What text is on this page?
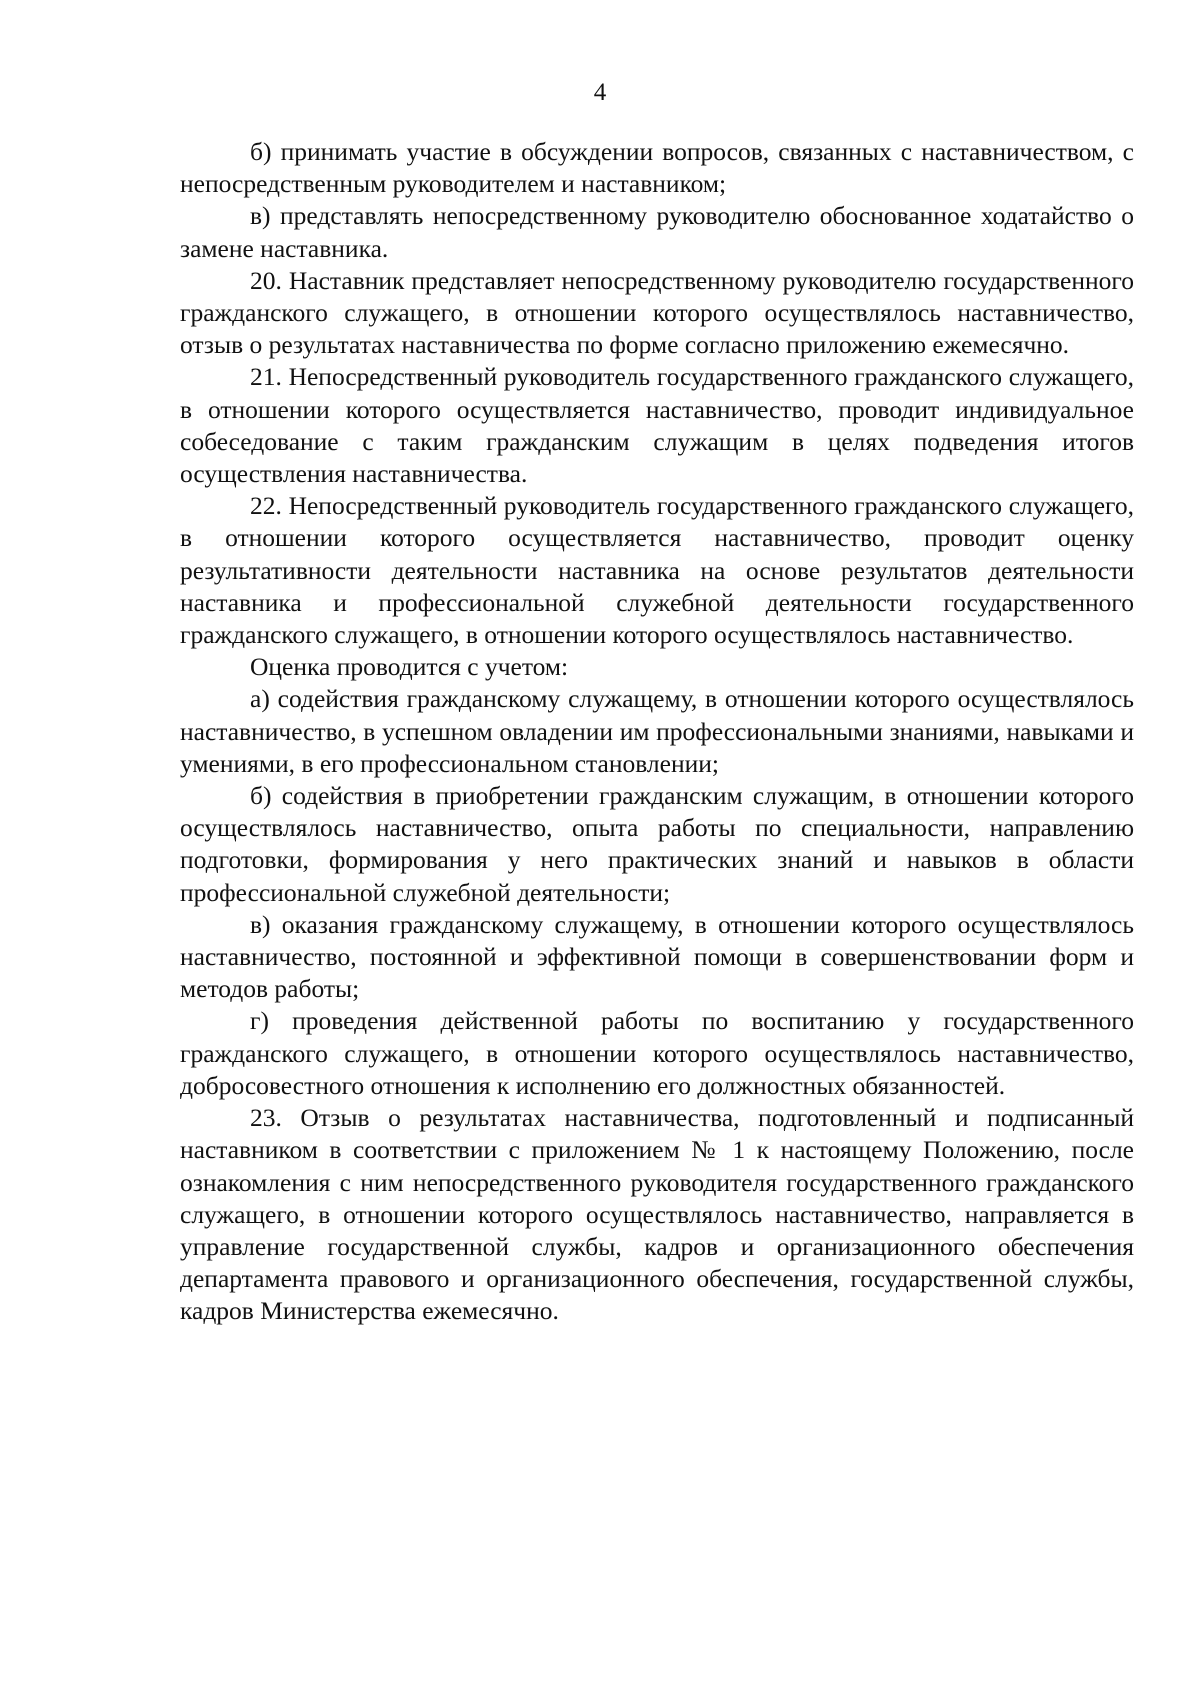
4

б) принимать участие в обсуждении вопросов, связанных с наставничеством, с непосредственным руководителем и наставником;

в) представлять непосредственному руководителю обоснованное ходатайство о замене наставника.

20. Наставник представляет непосредственному руководителю государственного гражданского служащего, в отношении которого осуществлялось наставничество, отзыв о результатах наставничества по форме согласно приложению ежемесячно.

21. Непосредственный руководитель государственного гражданского служащего, в отношении которого осуществляется наставничество, проводит индивидуальное собеседование с таким гражданским служащим в целях подведения итогов осуществления наставничества.

22. Непосредственный руководитель государственного гражданского служащего, в отношении которого осуществляется наставничество, проводит оценку результативности деятельности наставника на основе результатов деятельности наставника и профессиональной служебной деятельности государственного гражданского служащего, в отношении которого осуществлялось наставничество.

Оценка проводится с учетом:

а) содействия гражданскому служащему, в отношении которого осуществлялось наставничество, в успешном овладении им профессиональными знаниями, навыками и умениями, в его профессиональном становлении;

б) содействия в приобретении гражданским служащим, в отношении которого осуществлялось наставничество, опыта работы по специальности, направлению подготовки, формирования у него практических знаний и навыков в области профессиональной служебной деятельности;

в) оказания гражданскому служащему, в отношении которого осуществлялось наставничество, постоянной и эффективной помощи в совершенствовании форм и методов работы;

г) проведения действенной работы по воспитанию у государственного гражданского служащего, в отношении которого осуществлялось наставничество, добросовестного отношения к исполнению его должностных обязанностей.

23. Отзыв о результатах наставничества, подготовленный и подписанный наставником в соответствии с приложением № 1 к настоящему Положению, после ознакомления с ним непосредственного руководителя государственного гражданского служащего, в отношении которого осуществлялось наставничество, направляется в управление государственной службы, кадров и организационного обеспечения департамента правового и организационного обеспечения, государственной службы, кадров Министерства ежемесячно.
